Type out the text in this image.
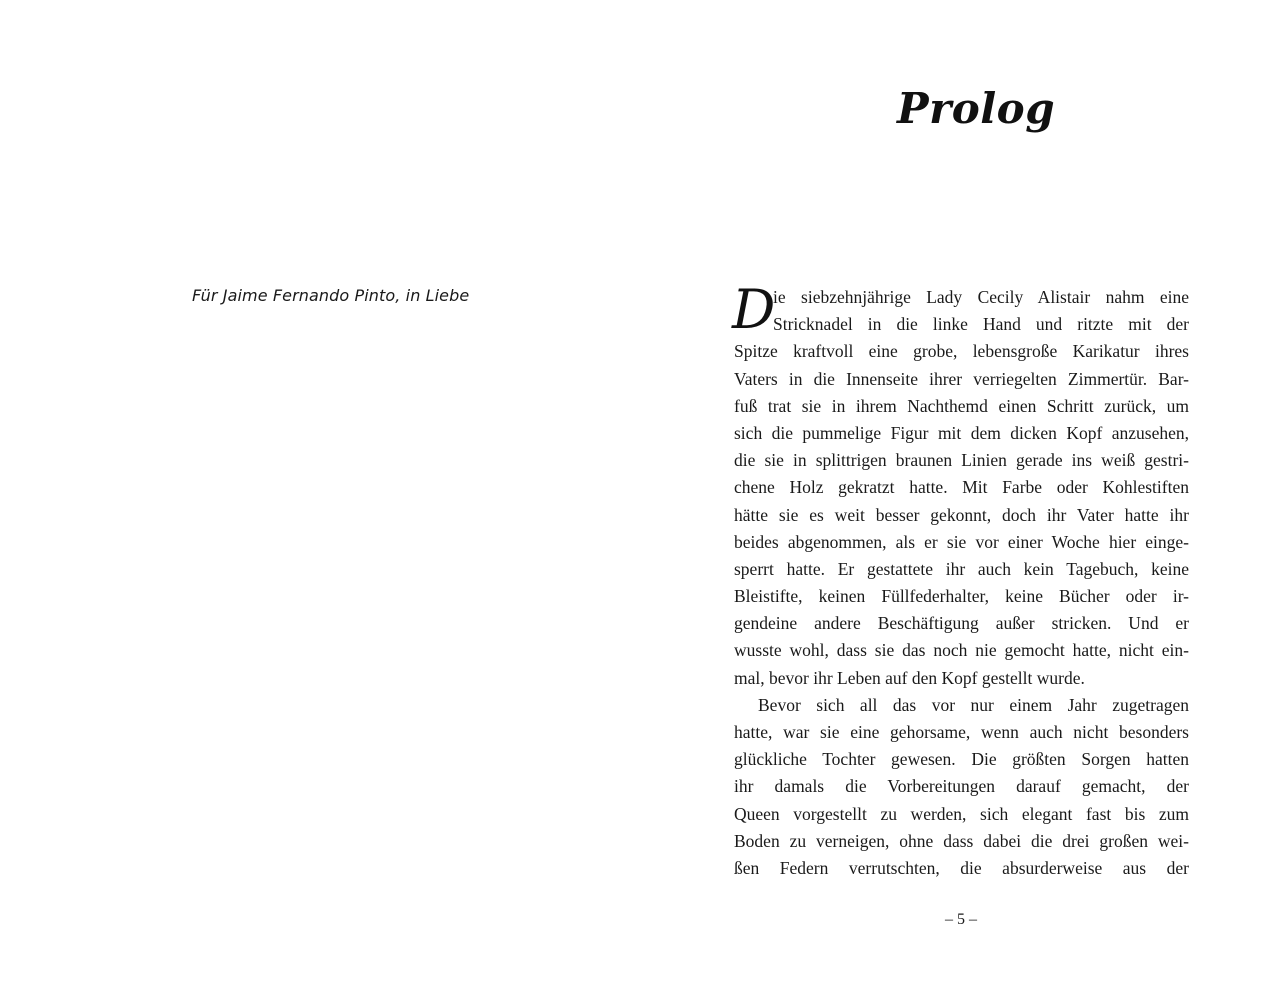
Für Jaime Fernando Pinto, in Liebe

Prolog
D
ie siebzehnjährige Lady Cecily Alistair nahm eine
Stricknadel in die linke Hand und ritzte mit der
Spitze kraftvoll eine grobe, lebensgroße Karikatur ihres
Vaters in die Innenseite ihrer verriegelten Zimmertür. Bar-
fuß trat sie in ihrem Nachthemd einen Schritt zurück, um
sich die pummelige Figur mit dem dicken Kopf anzusehen,
die sie in splittrigen braunen Linien gerade ins weiß gestri-
chene Holz gekratzt hatte. Mit Farbe oder Kohlestiften
hätte sie es weit besser gekonnt, doch ihr Vater hatte ihr
beides abgenommen, als er sie vor einer Woche hier einge-
sperrt hatte. Er gestattete ihr auch kein Tagebuch, keine
Bleistifte, keinen Füllfederhalter, keine Bücher oder ir-
gendeine andere Beschäftigung außer stricken. Und er
wusste wohl, dass sie das noch nie gemocht hatte, nicht ein-
mal, bevor ihr Leben auf den Kopf gestellt wurde.
Bevor sich all das vor nur einem Jahr zugetragen
hatte, war sie eine gehorsame, wenn auch nicht besonders
glückliche Tochter gewesen. Die größten Sorgen hatten
ihr damals die Vorbereitungen darauf gemacht, der
Queen vorgestellt zu werden, sich elegant fast bis zum
Boden zu verneigen, ohne dass dabei die drei großen wei-
ßen Federn verrutschten, die absurderweise aus der

– 5 –
